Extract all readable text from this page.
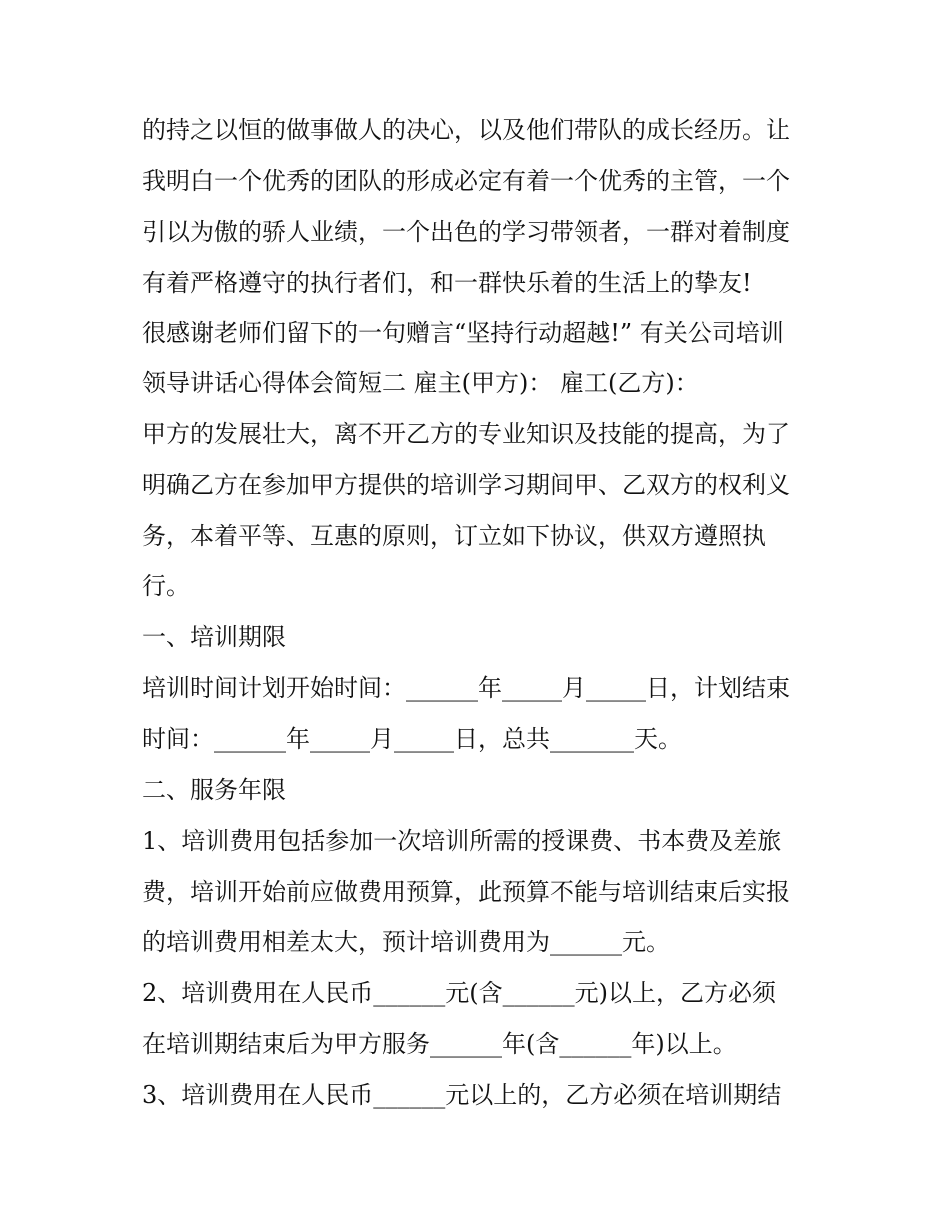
的持之以恒的做事做人的决心，以及他们带队的成长经历。让

我明白一个优秀的团队的形成必定有着一个优秀的主管，一个

引以为傲的骄人业绩，一个出色的学习带领者，一群对着制度

有着严格遵守的执行者们，和一群快乐着的生活上的挚友!

很感谢老师们留下的一句赠言“坚持行动超越!” 有关公司培训

领导讲话心得体会简短二 雇主(甲方)： 雇工(乙方)：

甲方的发展壮大，离不开乙方的专业知识及技能的提高，为了

明确乙方在参加甲方提供的培训学习期间甲、乙双方的权利义

务，本着平等、互惠的原则，订立如下协议，供双方遵照执

行。

一、培训期限

培训时间计划开始时间：______年_____月_____日，计划结束

时间：______年_____月_____日，总共_______天。

二、服务年限

1、培训费用包括参加一次培训所需的授课费、书本费及差旅

费，培训开始前应做费用预算，此预算不能与培训结束后实报

的培训费用相差太大，预计培训费用为______元。

2、培训费用在人民币______元(含______元)以上，乙方必须

在培训期结束后为甲方服务______年(含______年)以上。

3、培训费用在人民币______元以上的，乙方必须在培训期结
